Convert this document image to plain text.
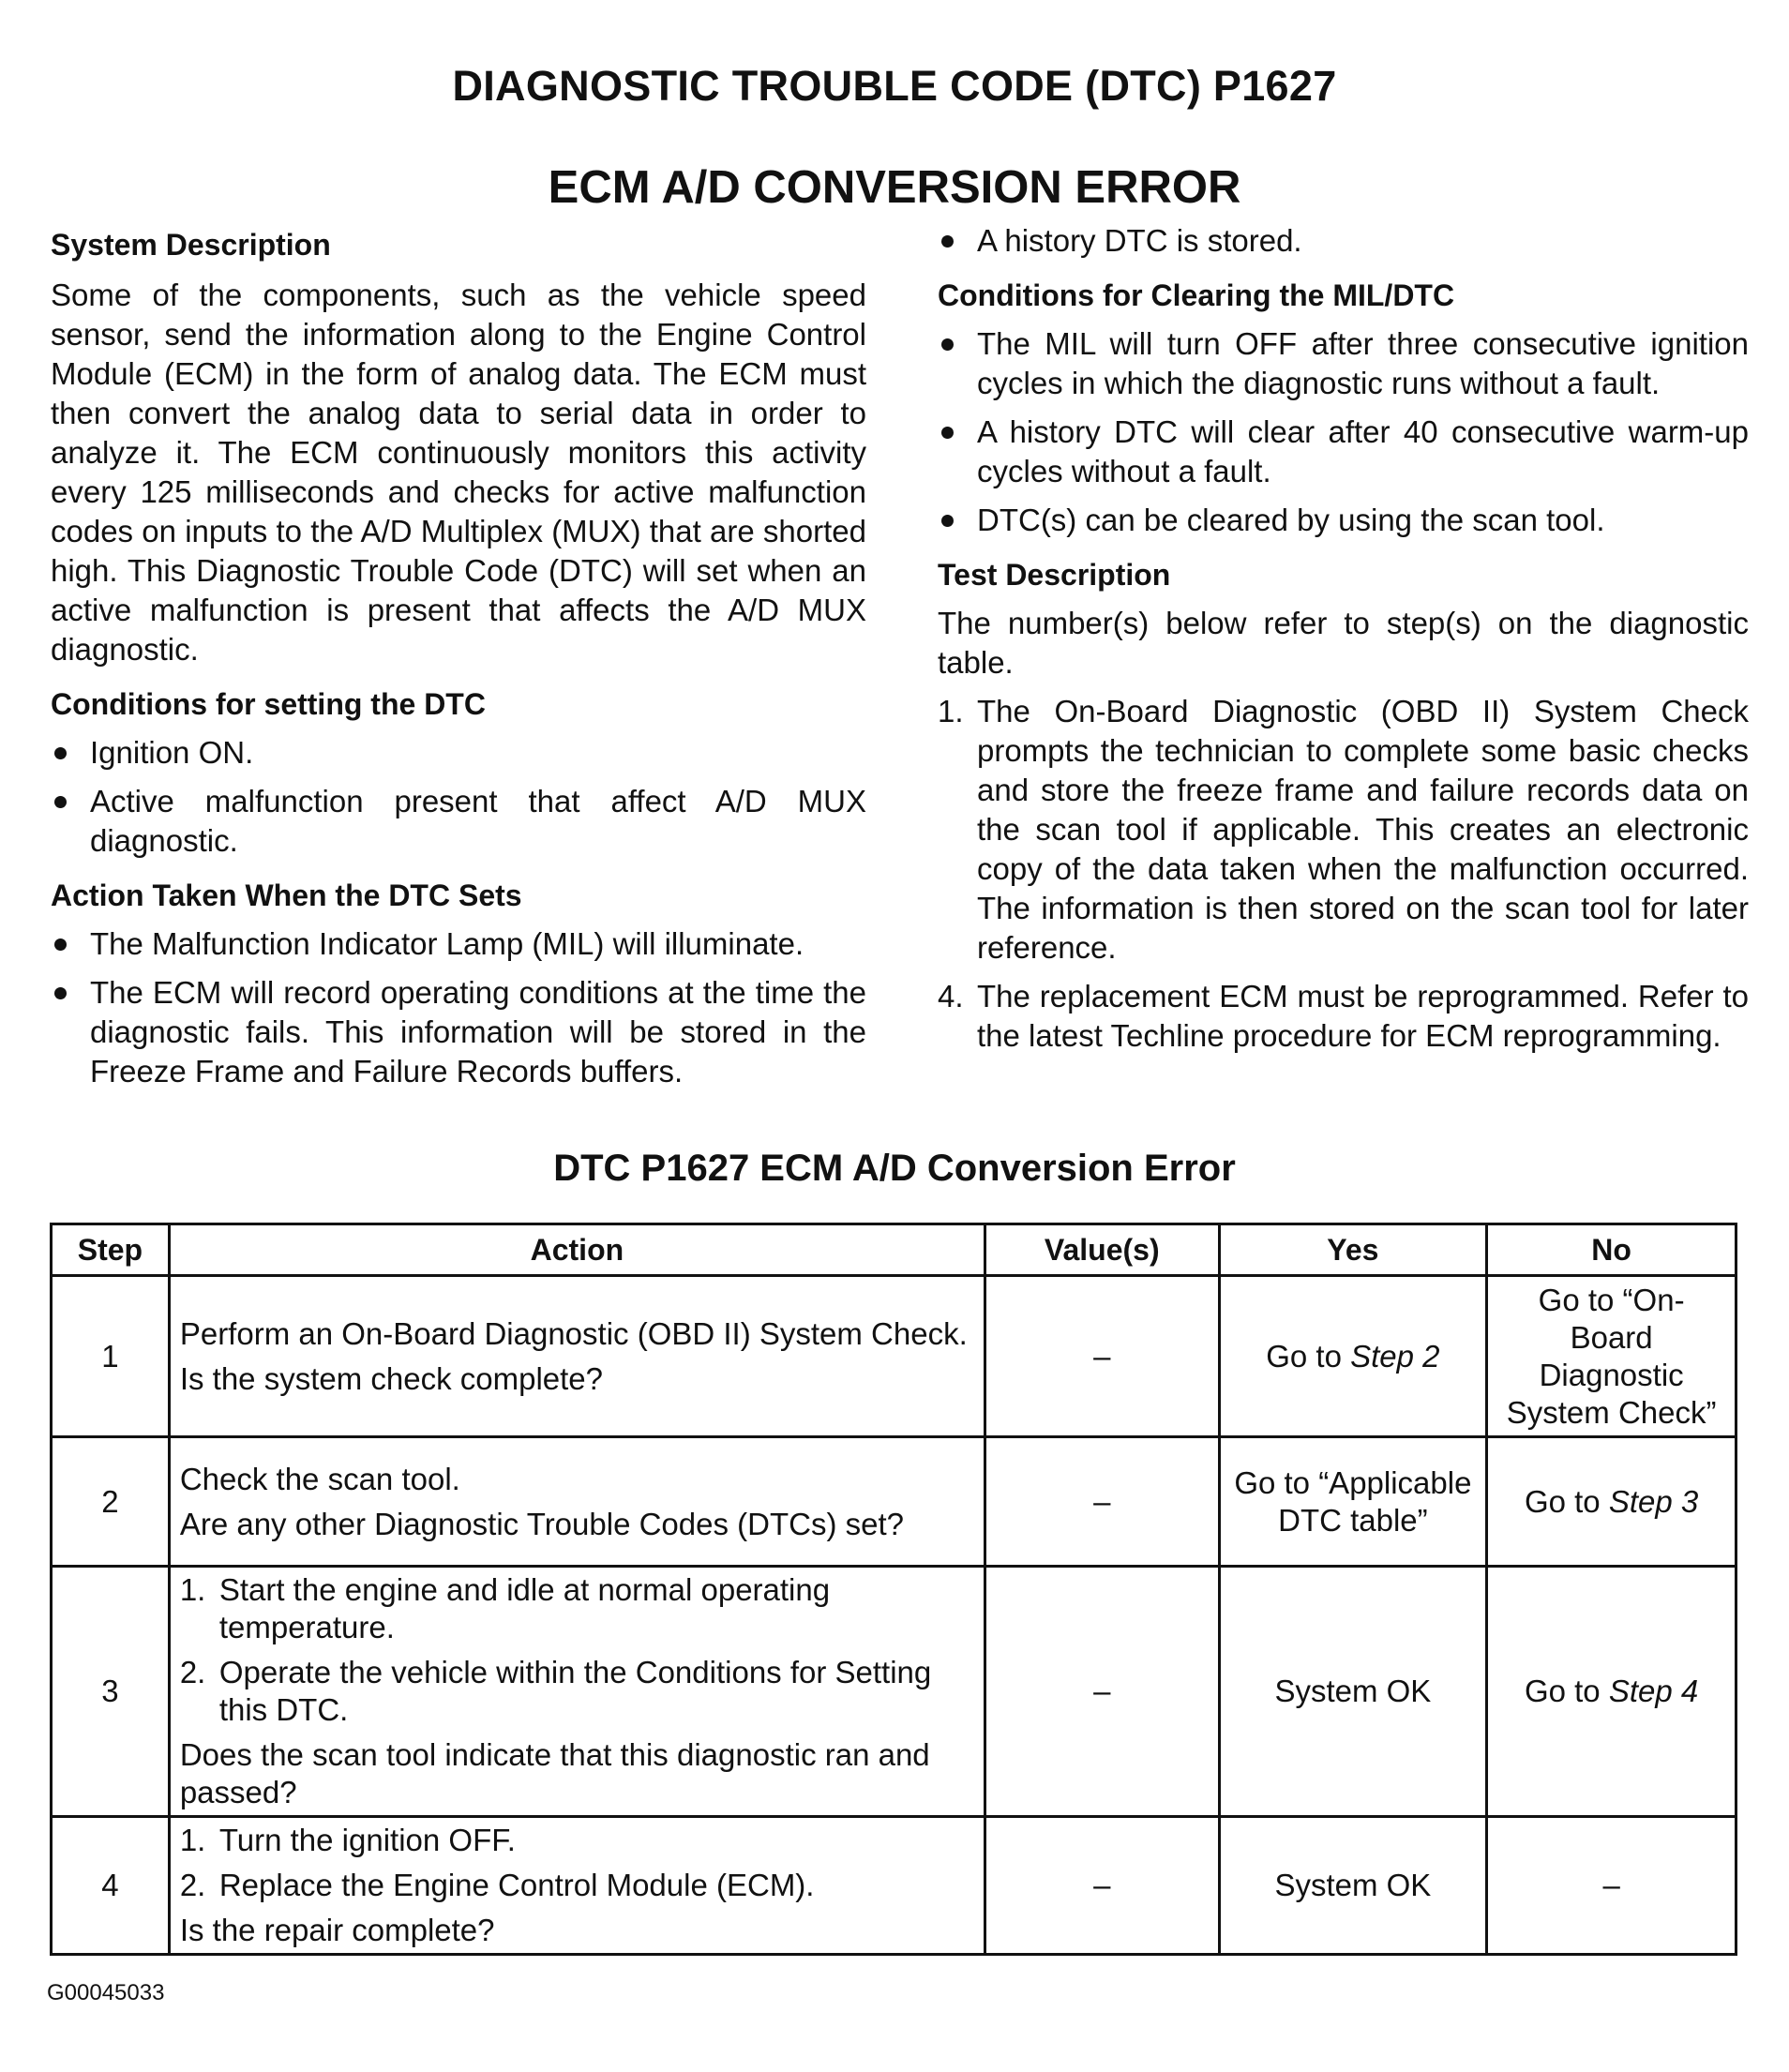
DIAGNOSTIC TROUBLE CODE (DTC) P1627
ECM A/D CONVERSION ERROR

System Description

Some of the components, such as the vehicle speed sensor, send the information along to the Engine Control Module (ECM) in the form of analog data. The ECM must then convert the analog data to serial data in order to analyze it. The ECM continuously monitors this activity every 125 milliseconds and checks for active malfunction codes on inputs to the A/D Multiplex (MUX) that are shorted high. This Diagnostic Trouble Code (DTC) will set when an active malfunction is present that affects the A/D MUX diagnostic.

Conditions for setting the DTC

Ignition ON.
Active malfunction present that affect A/D MUX diagnostic.

Action Taken When the DTC Sets

The Malfunction Indicator Lamp (MIL) will illuminate.
The ECM will record operating conditions at the time the diagnostic fails. This information will be stored in the Freeze Frame and Failure Records buffers.
A history DTC is stored.

Conditions for Clearing the MIL/DTC

The MIL will turn OFF after three consecutive ignition cycles in which the diagnostic runs without a fault.
A history DTC will clear after 40 consecutive warm-up cycles without a fault.
DTC(s) can be cleared by using the scan tool.

Test Description

The number(s) below refer to step(s) on the diagnostic table.

1. The On-Board Diagnostic (OBD II) System Check prompts the technician to complete some basic checks and store the freeze frame and failure records data on the scan tool if applicable. This creates an electronic copy of the data taken when the malfunction occurred. The information is then stored on the scan tool for later reference.
4. The replacement ECM must be reprogrammed. Refer to the latest Techline procedure for ECM reprogramming.
DTC P1627 ECM A/D Conversion Error
Step	Action	Value(s)	Yes	No
1	Perform an On-Board Diagnostic (OBD II) System Check.
Is the system check complete?	–	Go to Step 2	Go to “On-Board Diagnostic System Check”
2	Check the scan tool.
Are any other Diagnostic Trouble Codes (DTCs) set?	–	Go to “Applicable DTC table”	Go to Step 3
3	1. Start the engine and idle at normal operating temperature.
2. Operate the vehicle within the Conditions for Setting this DTC.
Does the scan tool indicate that this diagnostic ran and passed?	–	System OK	Go to Step 4
4	1. Turn the ignition OFF.
2. Replace the Engine Control Module (ECM).
Is the repair complete?	–	System OK	–
G00045033
